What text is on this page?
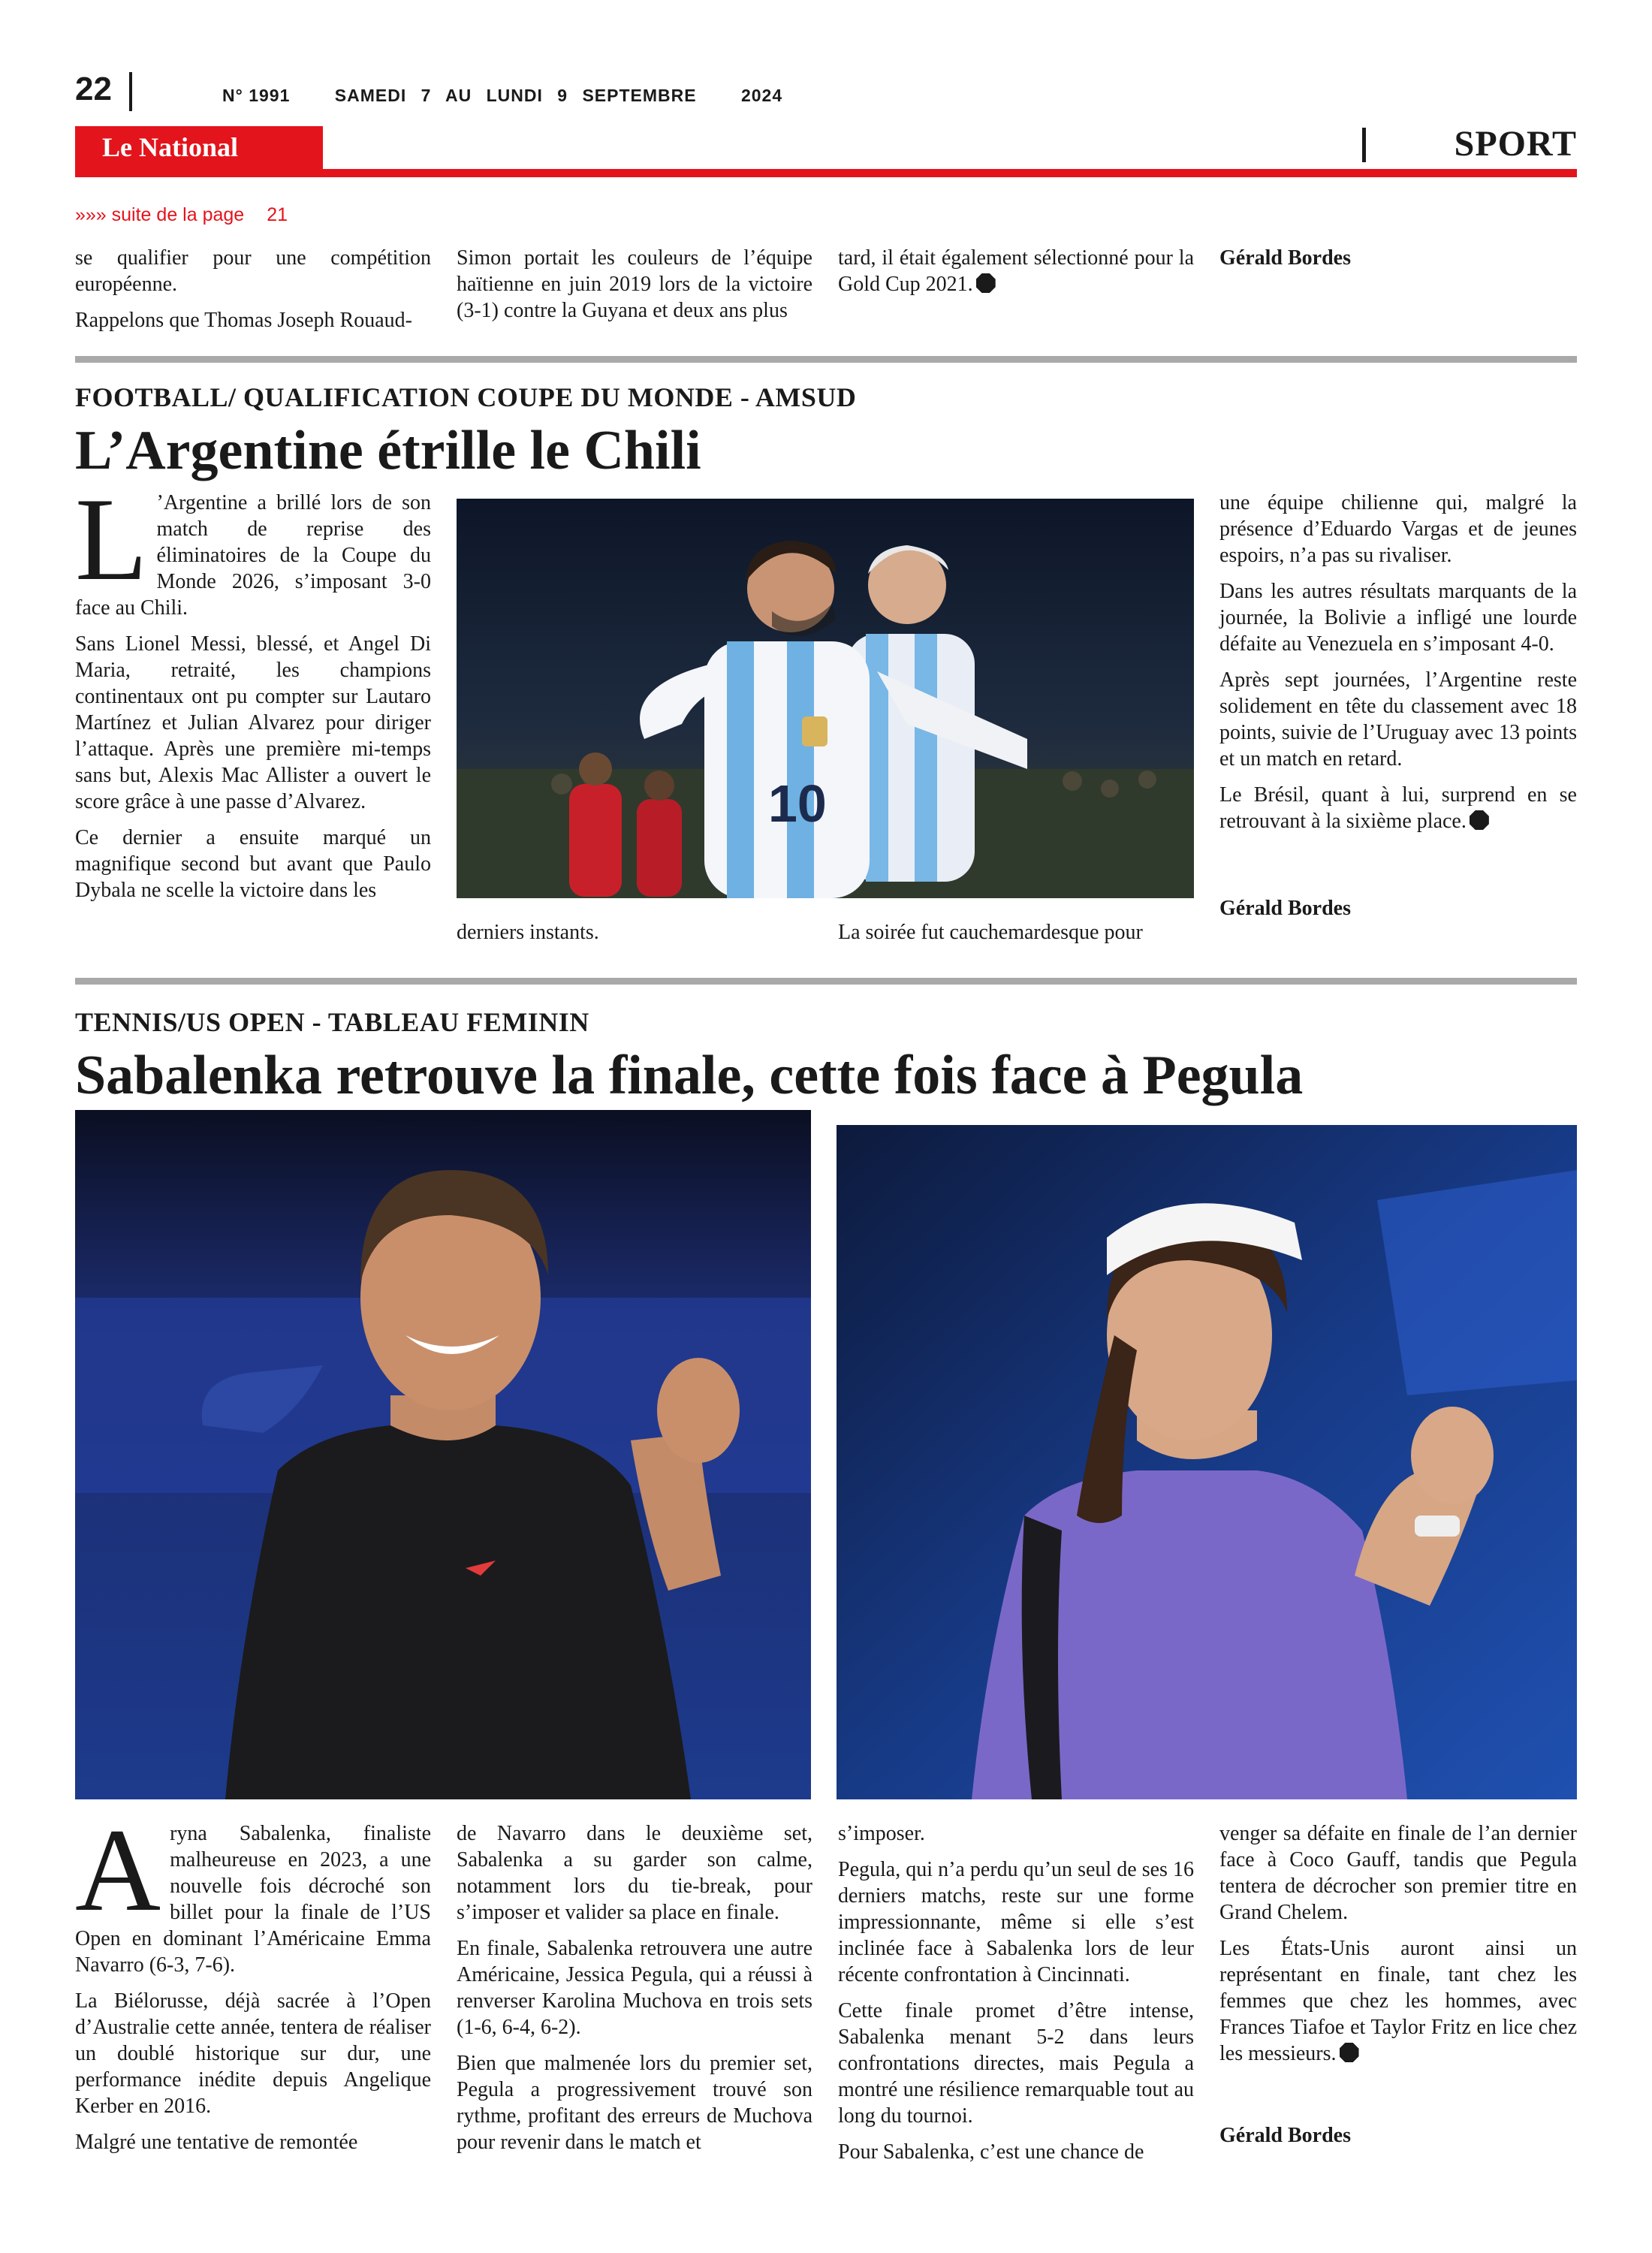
22	N° 1991	SAMEDI 7 AU LUNDI 9 SEPTEMBRE	2024
Le National	SPORT
»»» suite de la page 21

se qualifier pour une compétition européenne.

Rappelons que Thomas Joseph Rouaud-

Simon portait les couleurs de l’équipe haïtienne en juin 2019 lors de la victoire (3-1) contre la Guyana et deux ans plus

tard, il était également sélectionné pour la Gold Cup 2021.

Gérald Bordes
FOOTBALL/ QUALIFICATION COUPE DU MONDE - AMSUD
L’Argentine étrille le Chili

L ’Argentine a brillé lors de son match de reprise des éliminatoires de la Coupe du Monde 2026, s’imposant 3-0 face au Chili.

Sans Lionel Messi, blessé, et Angel Di Maria, retraité, les champions continentaux ont pu compter sur Lautaro Martínez et Julian Alvarez pour diriger l’attaque. Après une première mi-temps sans but, Alexis Mac Allister a ouvert le score grâce à une passe d’Alvarez.

Ce dernier a ensuite marqué un magnifique second but avant que Paulo Dybala ne scelle la victoire dans les

10

derniers instants.	La soirée fut cauchemardesque pour

une équipe chilienne qui, malgré la présence d’Eduardo Vargas et de jeunes espoirs, n’a pas su rivaliser.

Dans les autres résultats marquants de la journée, la Bolivie a infligé une lourde défaite au Venezuela en s’imposant 4-0.

Après sept journées, l’Argentine reste solidement en tête du classement avec 18 points, suivie de l’Uruguay avec 13 points et un match en retard.

Le Brésil, quant à lui, surprend en se retrouvant à la sixième place.

Gérald Bordes
TENNIS/US OPEN - TABLEAU FEMININ
Sabalenka retrouve la finale, cette fois face à Pegula

Aryna Sabalenka, finaliste malheureuse en 2023, a une nouvelle fois décroché son billet pour la finale de l’US Open en dominant l’Américaine Emma Navarro (6-3, 7-6).

La Biélorusse, déjà sacrée à l’Open d’Australie cette année, tentera de réaliser un doublé historique sur dur, une performance inédite depuis Angelique Kerber en 2016.

Malgré une tentative de remontée

de Navarro dans le deuxième set, Sabalenka a su garder son calme, notamment lors du tie-break, pour s’imposer et valider sa place en finale.

En finale, Sabalenka retrouvera une autre Américaine, Jessica Pegula, qui a réussi à renverser Karolina Muchova en trois sets (1-6, 6-4, 6-2).

Bien que malmenée lors du premier set, Pegula a progressivement trouvé son rythme, profitant des erreurs de Muchova pour revenir dans le match et

s’imposer.

Pegula, qui n’a perdu qu’un seul de ses 16 derniers matchs, reste sur une forme impressionnante, même si elle s’est inclinée face à Sabalenka lors de leur récente confrontation à Cincinnati.

Cette finale promet d’être intense, Sabalenka menant 5-2 dans leurs confrontations directes, mais Pegula a montré une résilience remarquable tout au long du tournoi.

Pour Sabalenka, c’est une chance de

venger sa défaite en finale de l’an dernier face à Coco Gauff, tandis que Pegula tentera de décrocher son premier titre en Grand Chelem.

Les États-Unis auront ainsi un représentant en finale, tant chez les femmes que chez les hommes, avec Frances Tiafoe et Taylor Fritz en lice chez les messieurs.

Gérald Bordes
